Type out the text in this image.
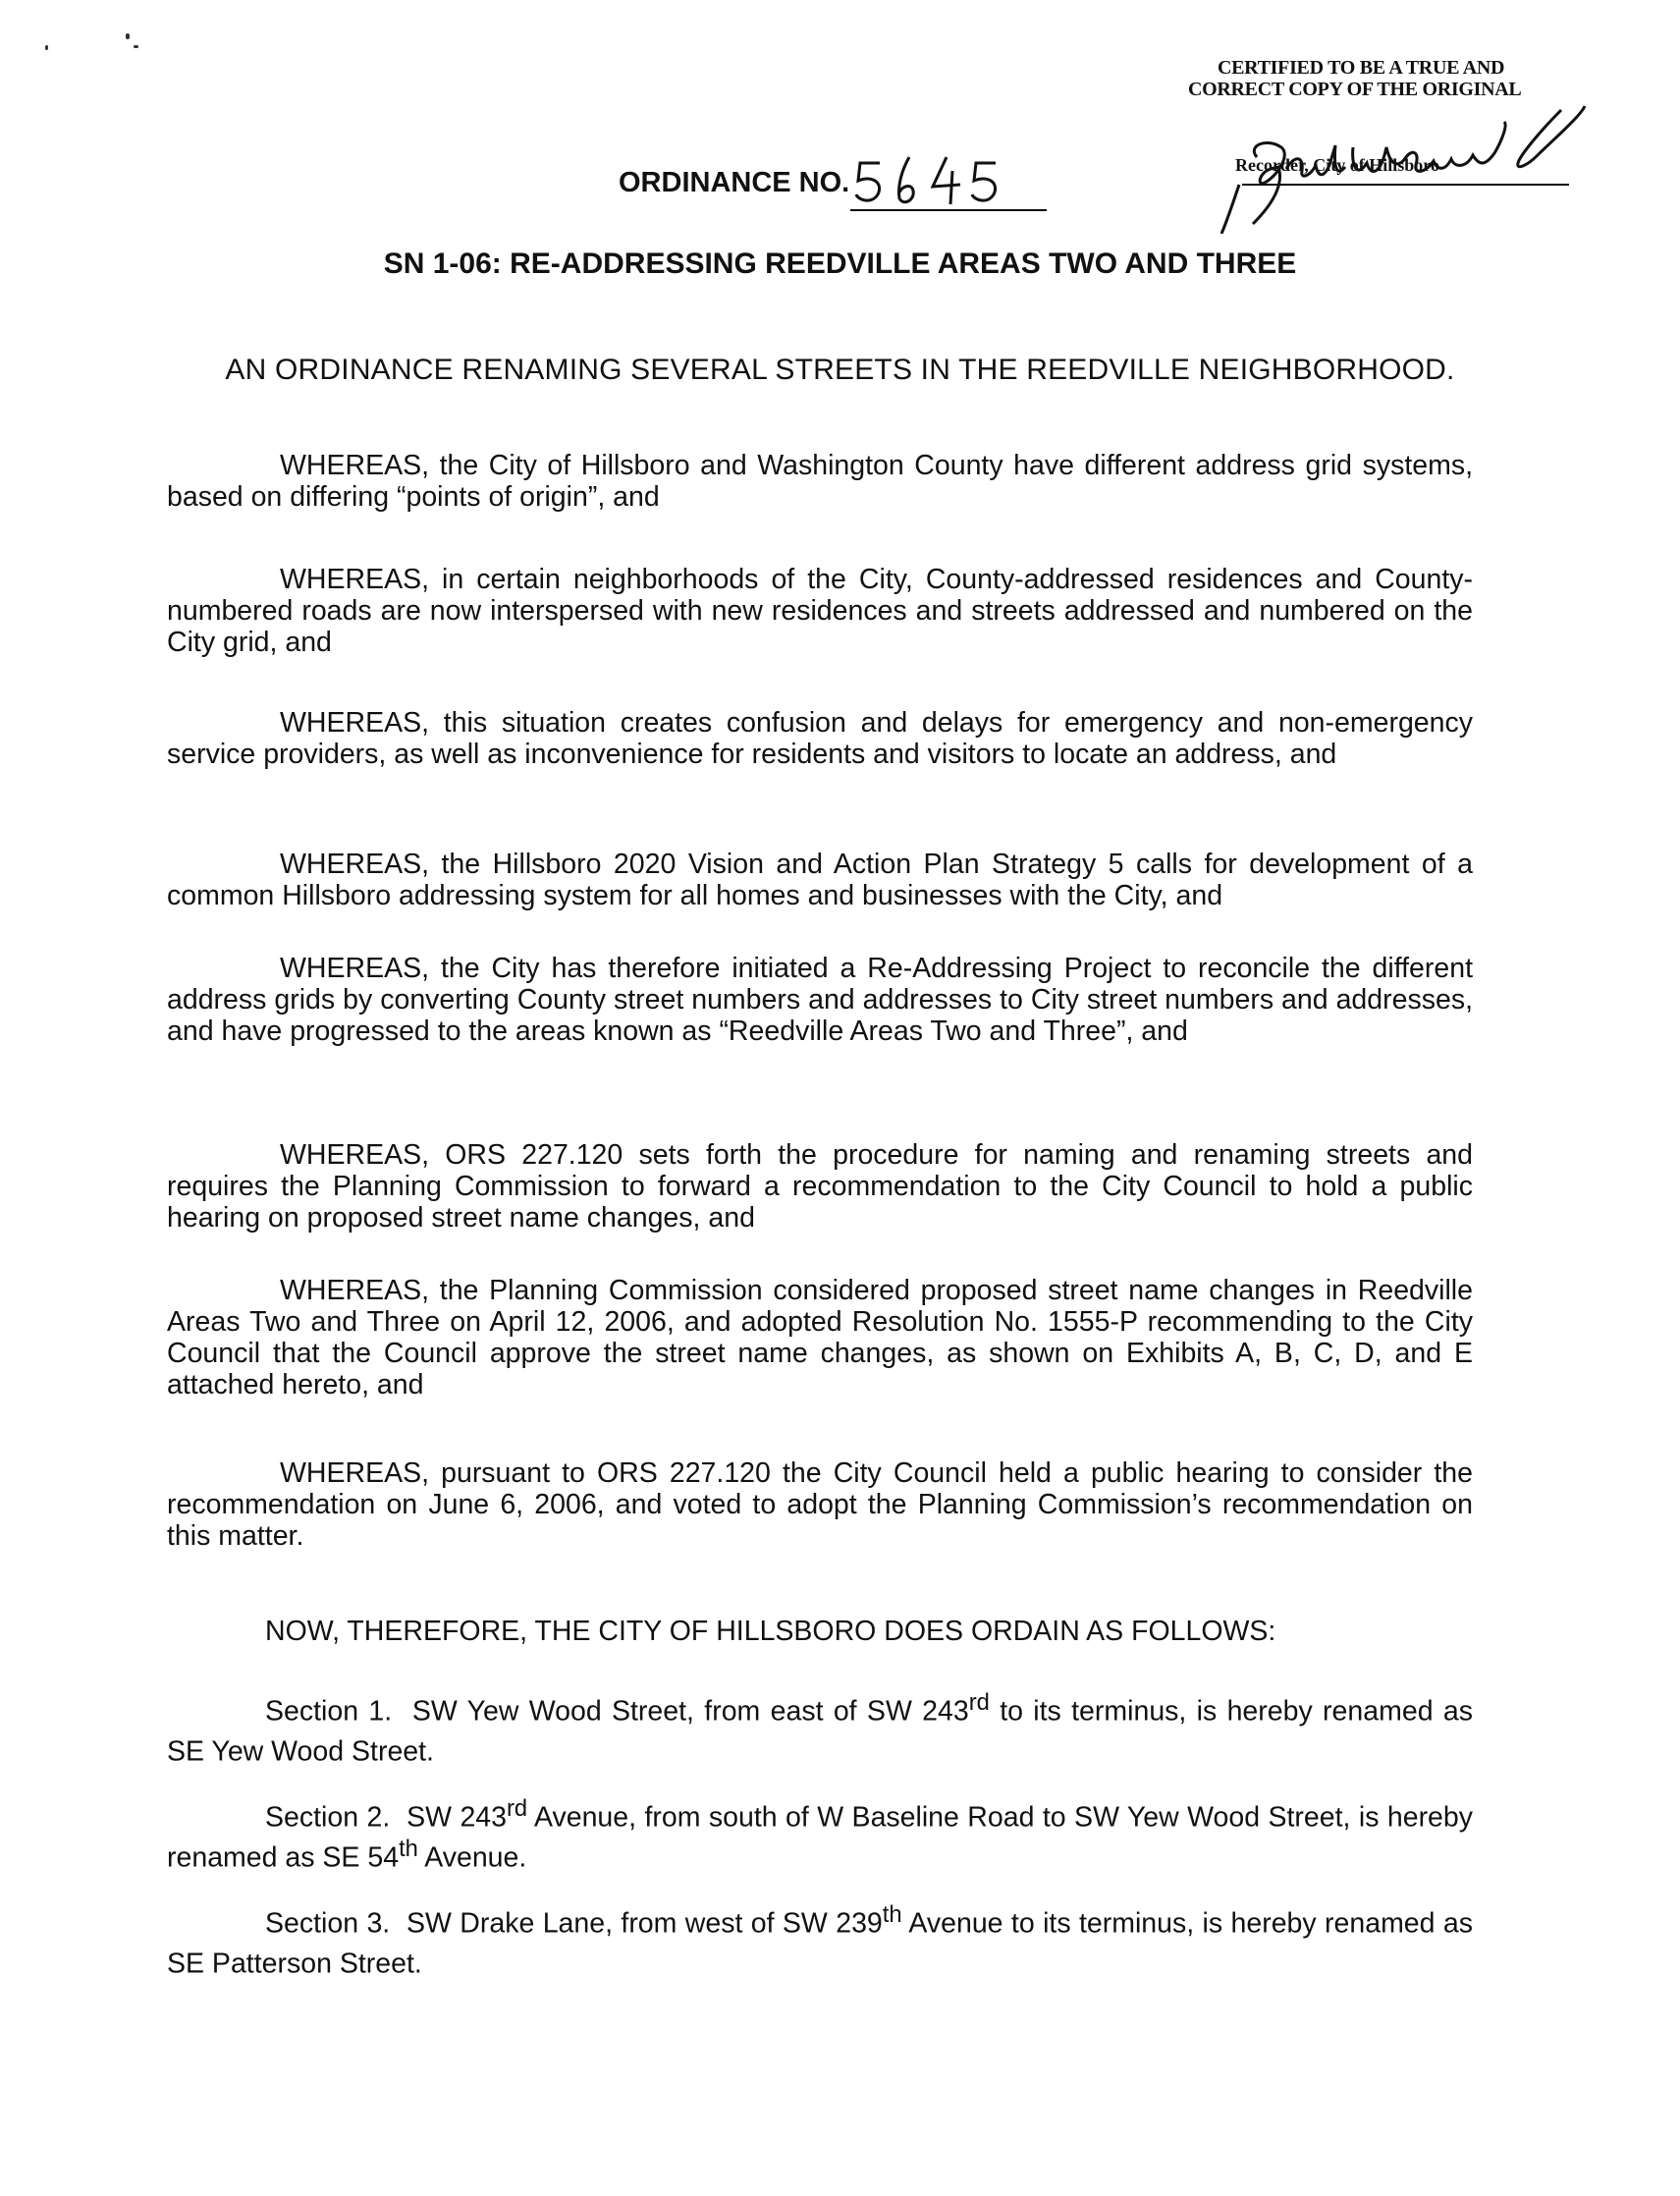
CERTIFIED TO BE A TRUE AND
CORRECT COPY OF THE ORIGINAL
Recorder, City of Hillsboro
ORDINANCE NO.
SN 1-06: RE-ADDRESSING REEDVILLE AREAS TWO AND THREE
AN ORDINANCE RENAMING SEVERAL STREETS IN THE REEDVILLE NEIGHBORHOOD.

WHEREAS, the City of Hillsboro and Washington County have different address grid systems, based on differing “points of origin”, and

WHEREAS, in certain neighborhoods of the City, County-addressed residences and County-numbered roads are now interspersed with new residences and streets addressed and numbered on the City grid, and

WHEREAS, this situation creates confusion and delays for emergency and non-emergency service providers, as well as inconvenience for residents and visitors to locate an address, and

WHEREAS, the Hillsboro 2020 Vision and Action Plan Strategy 5 calls for development of a common Hillsboro addressing system for all homes and businesses with the City, and

WHEREAS, the City has therefore initiated a Re-Addressing Project to reconcile the different address grids by converting County street numbers and addresses to City street numbers and addresses, and have progressed to the areas known as “Reedville Areas Two and Three”, and

WHEREAS, ORS 227.120 sets forth the procedure for naming and renaming streets and requires the Planning Commission to forward a recommendation to the City Council to hold a public hearing on proposed street name changes, and

WHEREAS, the Planning Commission considered proposed street name changes in Reedville Areas Two and Three on April 12, 2006, and adopted Resolution No. 1555-P recommending to the City Council that the Council approve the street name changes, as shown on Exhibits A, B, C, D, and E attached hereto, and

WHEREAS, pursuant to ORS 227.120 the City Council held a public hearing to consider the recommendation on June 6, 2006, and voted to adopt the Planning Commission’s recommendation on this matter.

NOW, THEREFORE, THE CITY OF HILLSBORO DOES ORDAIN AS FOLLOWS:

Section 1. SW Yew Wood Street, from east of SW 243rd to its terminus, is hereby renamed as SE Yew Wood Street.

Section 2. SW 243rd Avenue, from south of W Baseline Road to SW Yew Wood Street, is hereby renamed as SE 54th Avenue.

Section 3. SW Drake Lane, from west of SW 239th Avenue to its terminus, is hereby renamed as SE Patterson Street.
